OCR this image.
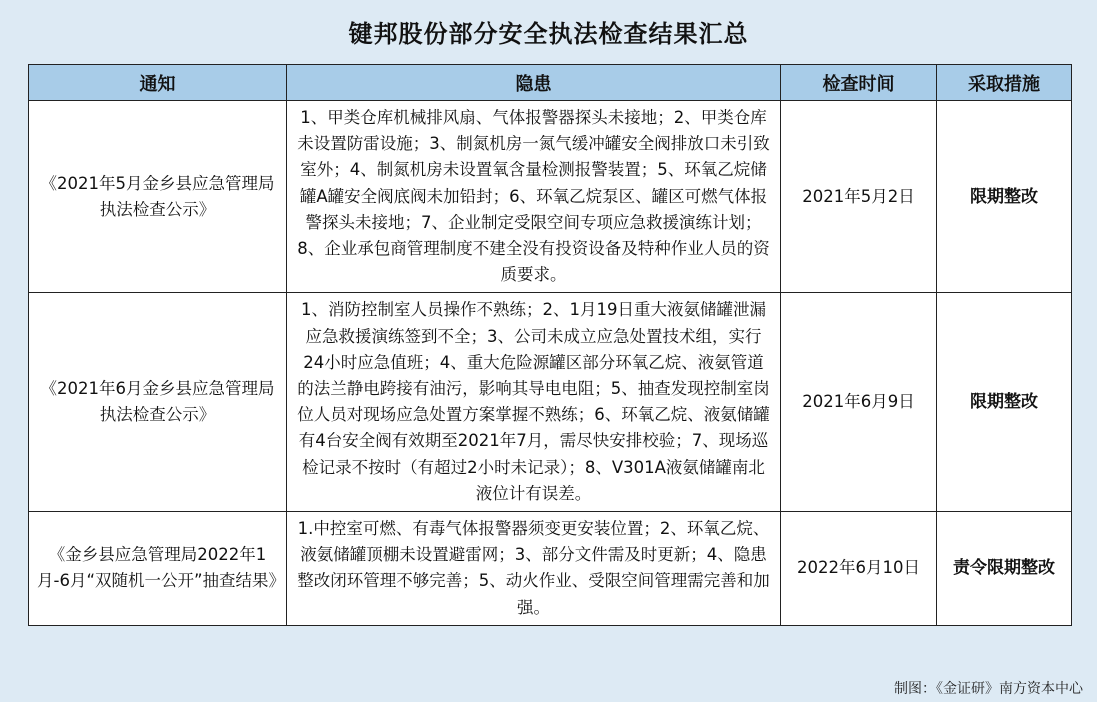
键邦股份部分安全执法检查结果汇总
通知	隐患	检查时间	采取措施
《2021年5月金乡县应急管理局执法检查公示》	1、甲类仓库机械排风扇、气体报警器探头未接地；2、甲类仓库未设置防雷设施；3、制氮机房一氮气缓冲罐安全阀排放口未引致室外；4、制氮机房未设置氧含量检测报警装置；5、环氧乙烷储罐A罐安全阀底阀未加铅封；6、环氧乙烷泵区、罐区可燃气体报警探头未接地；7、企业制定受限空间专项应急救援演练计划；8、企业承包商管理制度不建全没有投资设备及特种作业人员的资质要求。	2021年5月2日	限期整改
《2021年6月金乡县应急管理局执法检查公示》	1、消防控制室人员操作不熟练；2、1月19日重大液氨储罐泄漏应急救援演练签到不全；3、公司未成立应急处置技术组，实行24小时应急值班；4、重大危险源罐区部分环氧乙烷、液氨管道的法兰静电跨接有油污，影响其导电电阻；5、抽查发现控制室岗位人员对现场应急处置方案掌握不熟练；6、环氧乙烷、液氨储罐有4台安全阀有效期至2021年7月，需尽快安排校验；7、现场巡检记录不按时（有超过2小时未记录）；8、V301A液氨储罐南北液位计有误差。	2021年6月9日	限期整改
《金乡县应急管理局2022年1月-6月“双随机一公开”抽查结果》	1.中控室可燃、有毒气体报警器须变更安装位置；2、环氧乙烷、液氨储罐顶棚未设置避雷网；3、部分文件需及时更新；4、隐患整改闭环管理不够完善；5、动火作业、受限空间管理需完善和加强。	2022年6月10日	责令限期整改
制图：《金证研》南方资本中心
